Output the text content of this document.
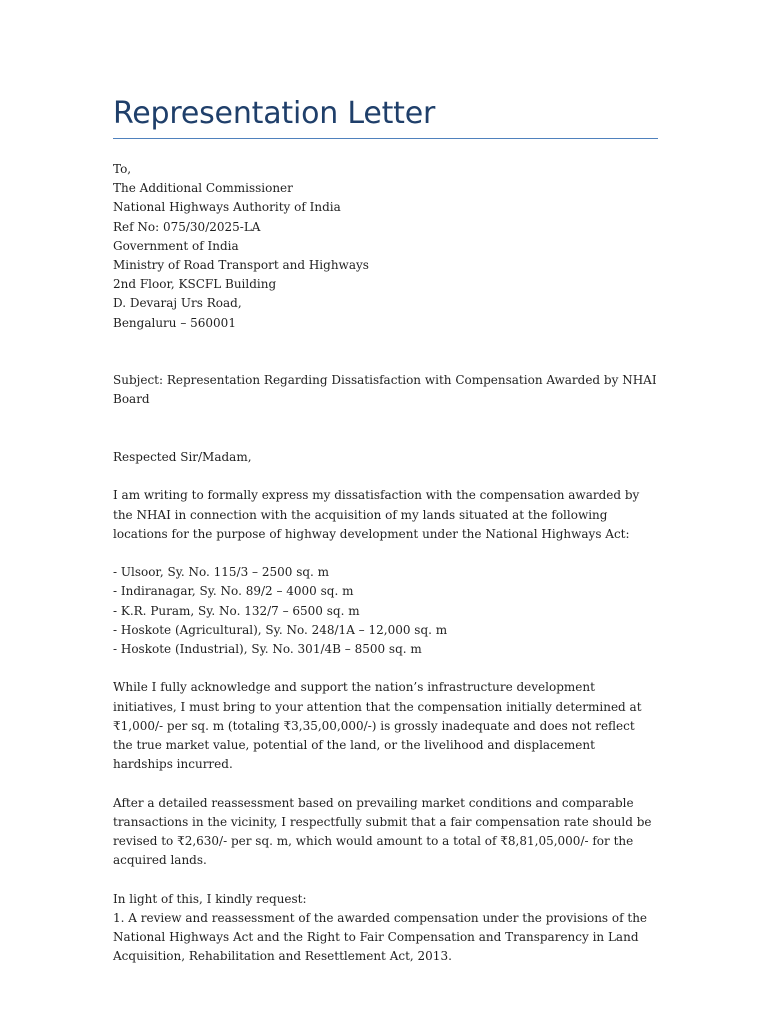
Representation Letter
To,
The Additional Commissioner
National Highways Authority of India
Ref No: 075/30/2025-LA
Government of India
Ministry of Road Transport and Highways
2nd Floor, KSCFL Building
D. Devaraj Urs Road,
Bengaluru – 560001

Subject: Representation Regarding Dissatisfaction with Compensation Awarded by NHAI Board

Respected Sir/Madam,

I am writing to formally express my dissatisfaction with the compensation awarded by the NHAI in connection with the acquisition of my lands situated at the following locations for the purpose of highway development under the National Highways Act:

- Ulsoor, Sy. No. 115/3 – 2500 sq. m
- Indiranagar, Sy. No. 89/2 – 4000 sq. m
- K.R. Puram, Sy. No. 132/7 – 6500 sq. m
- Hoskote (Agricultural), Sy. No. 248/1A – 12,000 sq. m
- Hoskote (Industrial), Sy. No. 301/4B – 8500 sq. m

While I fully acknowledge and support the nation’s infrastructure development initiatives, I must bring to your attention that the compensation initially determined at ₹1,000/- per sq. m (totaling ₹3,35,00,000/-) is grossly inadequate and does not reflect the true market value, potential of the land, or the livelihood and displacement hardships incurred.

After a detailed reassessment based on prevailing market conditions and comparable transactions in the vicinity, I respectfully submit that a fair compensation rate should be revised to ₹2,630/- per sq. m, which would amount to a total of ₹8,81,05,000/- for the acquired lands.

In light of this, I kindly request:

1. A review and reassessment of the awarded compensation under the provisions of the National Highways Act and the Right to Fair Compensation and Transparency in Land Acquisition, Rehabilitation and Resettlement Act, 2013.
